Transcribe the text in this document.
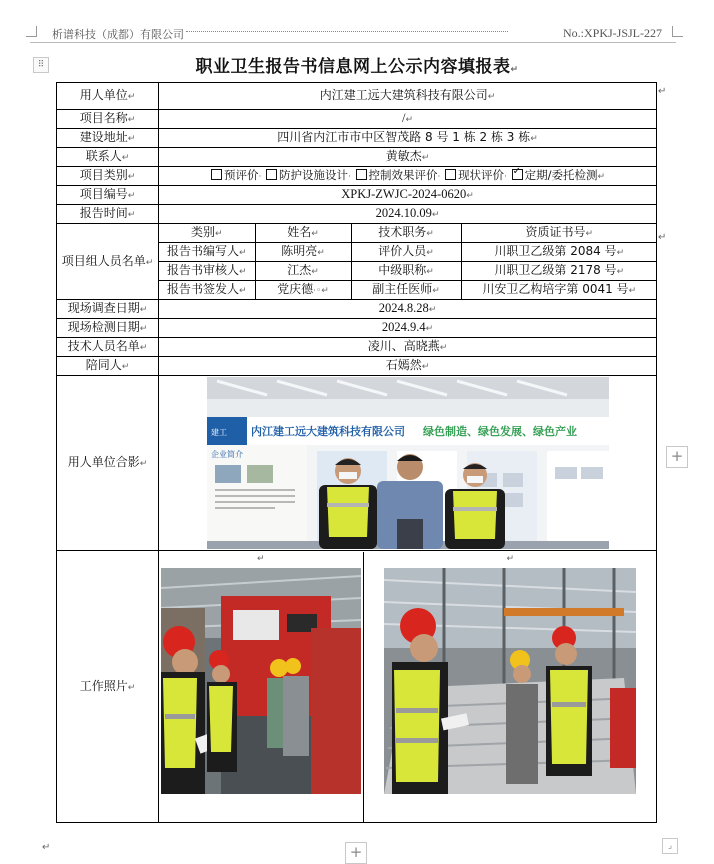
析谱科技（成都）有限公司	No.:XPKJ-JSJL-227
⠿	职业卫生报告书信息网上公示内容填报表↵
用人单位↵	内江建工远大建筑科技有限公司↵
项目名称↵	/↵
建设地址↵	四川省内江市市中区智茂路 8 号 1 栋 2 栋 3 栋↵
联系人↵	黄敏杰↵
项目类别↵	预评价· 防护设施设计· 控制效果评价· 现状评价· ✓ 定期/委托检测↵
项目编号↵	XPKJ-ZWJC-2024-0620↵
报告时间↵	2024.10.09↵
项目组人员名单↵	
类别↵	姓名↵	技术职务↵	资质证书号↵
报告书编写人↵	陈明亮↵	评价人员↵	川职卫乙级第 2084 号↵
报告书审核人↵	江杰↵	中级职称↵	川职卫乙级第 2178 号↵
报告书签发人↵	党庆德·◦↵	副主任医师↵	川安卫乙构培字第 0041 号↵

现场调查日期↵	2024.8.28↵
现场检测日期↵	2024.9.4↵
技术人员名单↵	凌川、高晓燕↵
陪同人↵	石嫣然↵
用人单位合影↵	
建工 内江建工远大建筑科技有限公司 绿色制造、绿色发展、绿色产业
企业简介

工作照片↵	
↵	↵
↵
↵
↵
+
+	⌟
